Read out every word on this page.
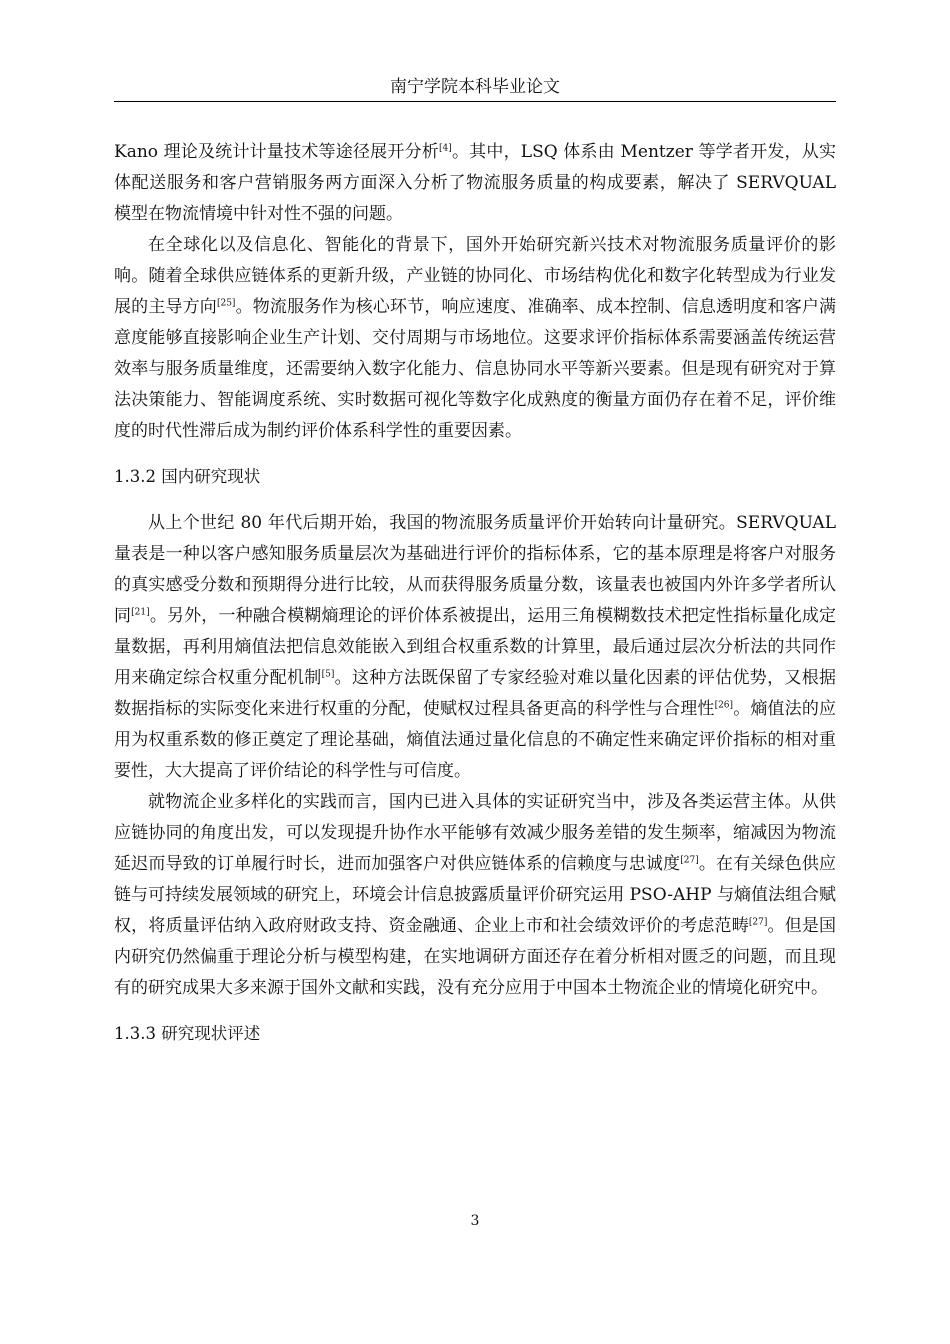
南宁学院本科毕业论文

Kano 理论及统计计量技术等途径展开分析[4]。其中，LSQ 体系由 Mentzer 等学者开发，从实体配送服务和客户营销服务两方面深入分析了物流服务质量的构成要素，解决了 SERVQUAL 模型在物流情境中针对性不强的问题。

在全球化以及信息化、智能化的背景下，国外开始研究新兴技术对物流服务质量评价的影响。随着全球供应链体系的更新升级，产业链的协同化、市场结构优化和数字化转型成为行业发展的主导方向[25]。物流服务作为核心环节，响应速度、准确率、成本控制、信息透明度和客户满意度能够直接影响企业生产计划、交付周期与市场地位。这要求评价指标体系需要涵盖传统运营效率与服务质量维度，还需要纳入数字化能力、信息协同水平等新兴要素。但是现有研究对于算法决策能力、智能调度系统、实时数据可视化等数字化成熟度的衡量方面仍存在着不足，评价维度的时代性滞后成为制约评价体系科学性的重要因素。

1.3.2 国内研究现状

从上个世纪 80 年代后期开始，我国的物流服务质量评价开始转向计量研究。SERVQUAL 量表是一种以客户感知服务质量层次为基础进行评价的指标体系，它的基本原理是将客户对服务的真实感受分数和预期得分进行比较，从而获得服务质量分数，该量表也被国内外许多学者所认同[21]。另外，一种融合模糊熵理论的评价体系被提出，运用三角模糊数技术把定性指标量化成定量数据，再利用熵值法把信息效能嵌入到组合权重系数的计算里，最后通过层次分析法的共同作用来确定综合权重分配机制[5]。这种方法既保留了专家经验对难以量化因素的评估优势，又根据数据指标的实际变化来进行权重的分配，使赋权过程具备更高的科学性与合理性[26]。熵值法的应用为权重系数的修正奠定了理论基础，熵值法通过量化信息的不确定性来确定评价指标的相对重要性，大大提高了评价结论的科学性与可信度。

就物流企业多样化的实践而言，国内已进入具体的实证研究当中，涉及各类运营主体。从供应链协同的角度出发，可以发现提升协作水平能够有效减少服务差错的发生频率，缩减因为物流延迟而导致的订单履行时长，进而加强客户对供应链体系的信赖度与忠诚度[27]。在有关绿色供应链与可持续发展领域的研究上，环境会计信息披露质量评价研究运用 PSO-AHP 与熵值法组合赋权，将质量评估纳入政府财政支持、资金融通、企业上市和社会绩效评价的考虑范畴[27]。但是国内研究仍然偏重于理论分析与模型构建，在实地调研方面还存在着分析相对匮乏的问题，而且现有的研究成果大多来源于国外文献和实践，没有充分应用于中国本土物流企业的情境化研究中。

1.3.3 研究现状评述
3
